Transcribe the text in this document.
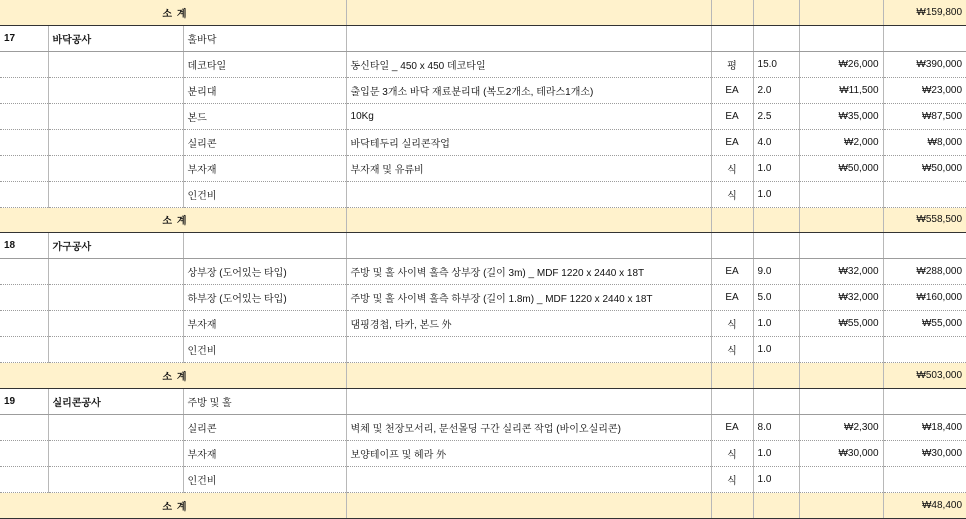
소 계							₩159,800
17	바닥공사	홀바닥					
		데코타일	동신타일 _ 450 x 450 데코타일	평	15.0	₩26,000	₩390,000
		분리대	출입문 3개소 바닥 재료분리대 (복도2개소, 테라스1개소)	EA	2.0	₩11,500	₩23,000
		본드	10Kg	EA	2.5	₩35,000	₩87,500
		실리콘	바닥테두리 실리콘작업	EA	4.0	₩2,000	₩8,000
		부자재	부자재 및 유류비	식	1.0	₩50,000	₩50,000
		인건비		식	1.0		
소 계							₩558,500
18	가구공사						
		상부장 (도어있는 타입)	주방 및 홀 사이벽 홀측 상부장 (길이 3m) _ MDF 1220 x 2440 x 18T	EA	9.0	₩32,000	₩288,000
		하부장 (도어있는 타입)	주방 및 홀 사이벽 홀측 하부장 (길이 1.8m) _ MDF 1220 x 2440 x 18T	EA	5.0	₩32,000	₩160,000
		부자재	댐핑경첩, 타카, 본드 外	식	1.0	₩55,000	₩55,000
		인건비		식	1.0		
소 계							₩503,000
19	실리콘공사	주방 및 홀					
		실리콘	벽체 및 천장모서리, 문선몰딩 구간 실리콘 작업 (바이오실리콘)	EA	8.0	₩2,300	₩18,400
		부자재	보양테이프 및 헤라 外	식	1.0	₩30,000	₩30,000
		인건비		식	1.0		
소 계							₩48,400
